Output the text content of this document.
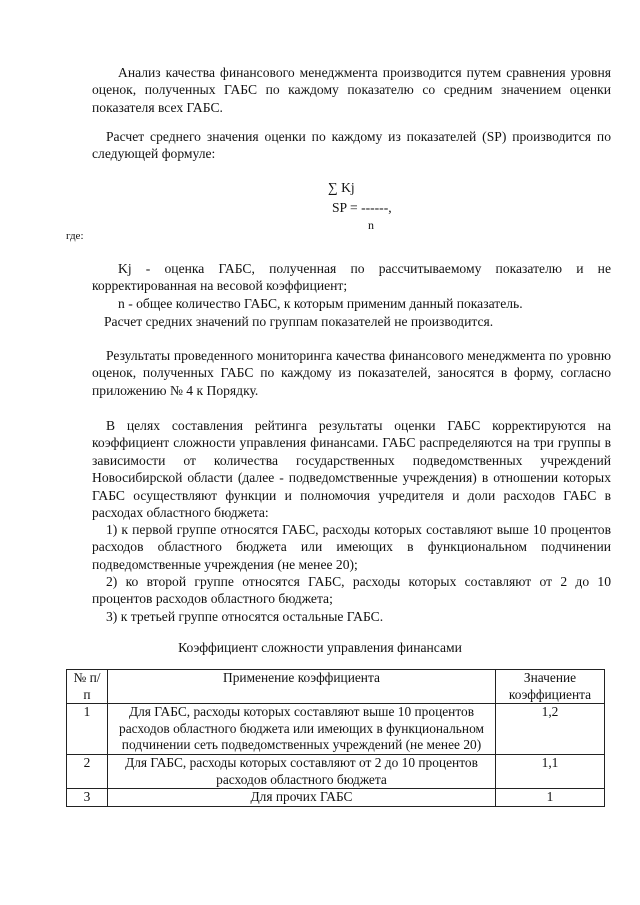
Анализ качества финансового менеджмента производится путем сравнения уровня оценок, полученных ГАБС по каждому показателю со средним значением оценки показателя всех ГАБС.

Расчет среднего значения оценки по каждому из показателей (SP) производится по следующей формуле:

∑ Kj
SP = ------,
n
где:

Kj - оценка ГАБС, полученная по рассчитываемому показателю и не корректированная на весовой коэффициент;

n - общее количество ГАБС, к которым применим данный показатель.

Расчет средних значений по группам показателей не производится.

Результаты проведенного мониторинга качества финансового менеджмента по уровню оценок, полученных ГАБС по каждому из показателей, заносятся в форму, согласно приложению № 4 к Порядку.

В целях составления рейтинга результаты оценки ГАБС корректируются на коэффициент сложности управления финансами. ГАБС распределяются на три группы в зависимости от количества государственных подведомственных учреждений Новосибирской области (далее - подведомственные учреждения) в отношении которых ГАБС осуществляют функции и полномочия учредителя и доли расходов ГАБС в расходах областного бюджета:

1) к первой группе относятся ГАБС, расходы которых составляют выше 10 процентов расходов областного бюджета или имеющих в функциональном подчинении подведомственные учреждения (не менее 20);

2) ко второй группе относятся ГАБС, расходы которых составляют от 2 до 10 процентов расходов областного бюджета;

3) к третьей группе относятся остальные ГАБС.

Коэффициент сложности управления финансами
№ п/п	Применение коэффициента	Значение коэффициента
1	Для ГАБС, расходы которых составляют выше 10 процентов расходов областного бюджета или имеющих в функциональном подчинении сеть подведомственных учреждений (не менее 20)	1,2
2	Для ГАБС, расходы которых составляют от 2 до 10 процентов расходов областного бюджета	1,1
3	Для прочих ГАБС	1
